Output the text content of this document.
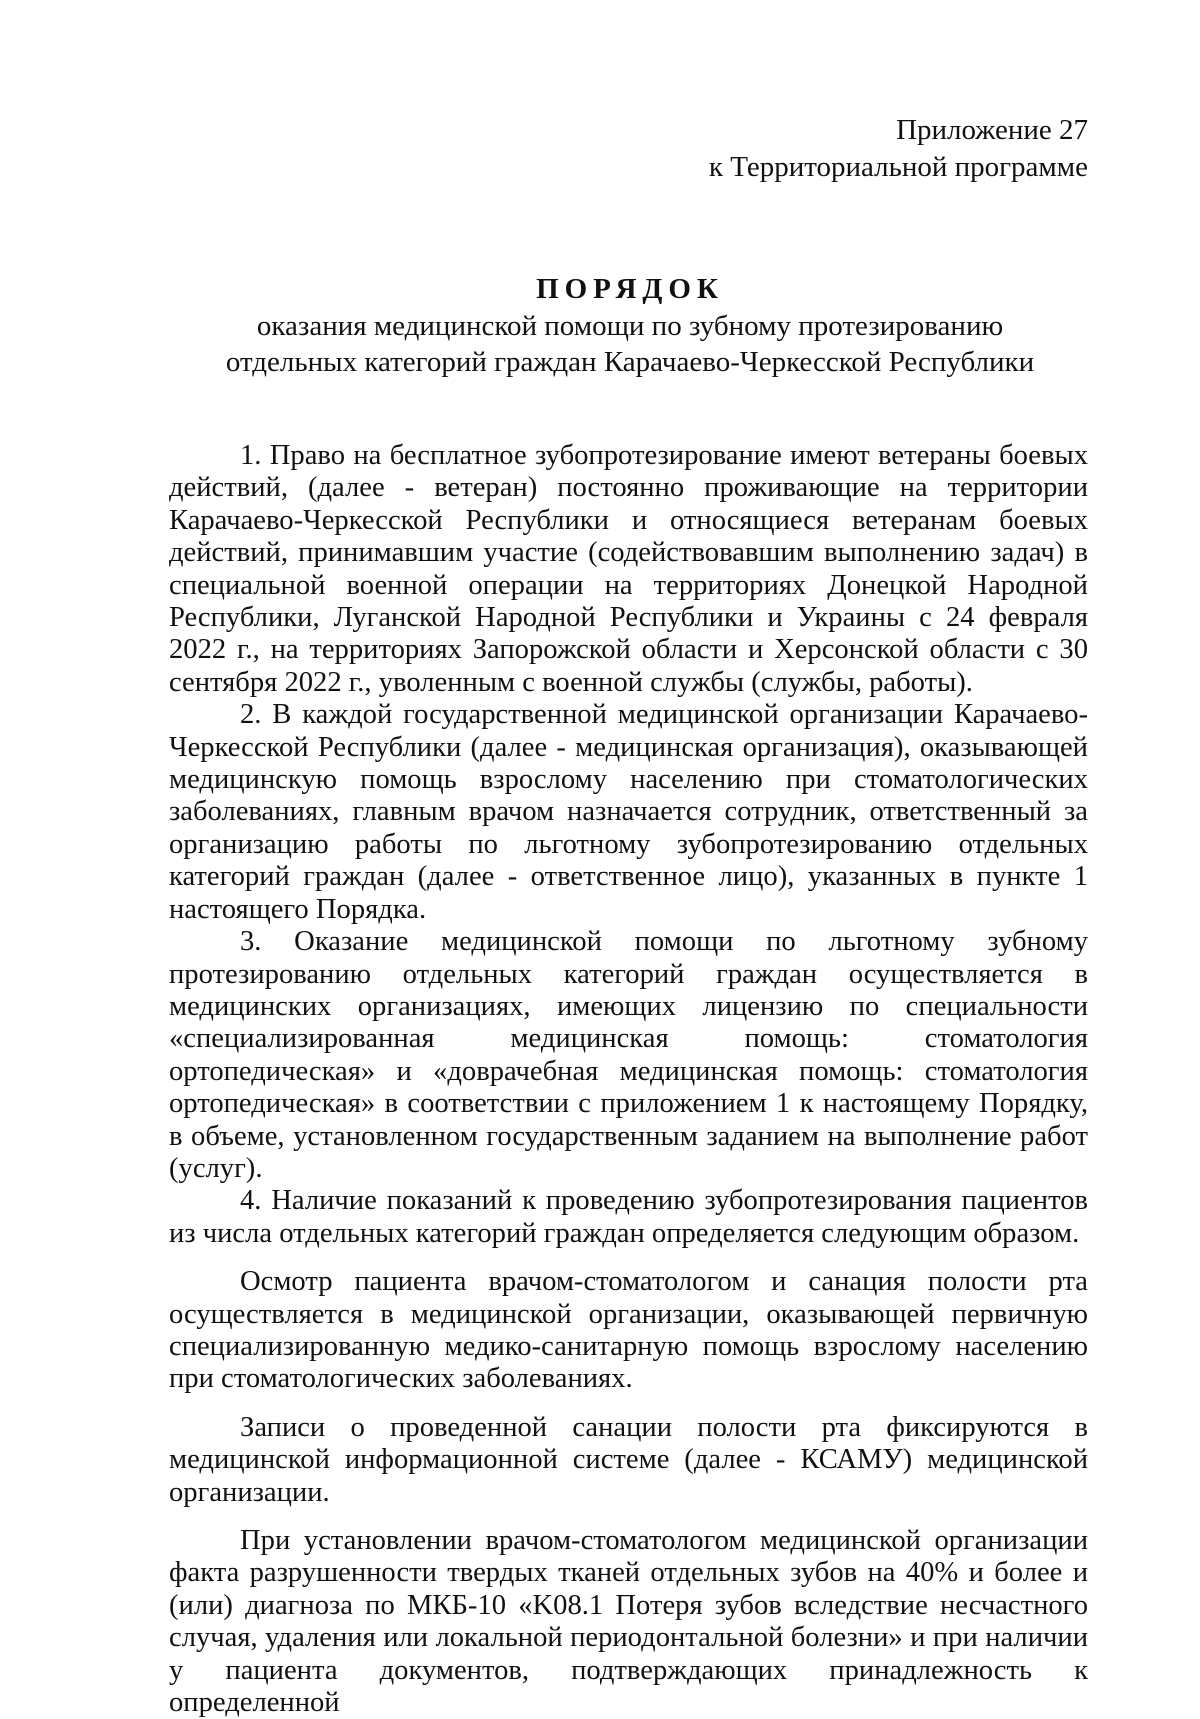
Приложение 27
к Территориальной программе
ПОРЯДОК
оказания медицинской помощи по зубному протезированию
отдельных категорий граждан Карачаево-Черкесской Республики

1. Право на бесплатное зубопротезирование имеют ветераны боевых действий, (далее - ветеран) постоянно проживающие на территории Карачаево-Черкесской Республики и относящиеся ветеранам боевых действий, принимавшим участие (содействовавшим выполнению задач) в специальной военной операции на территориях Донецкой Народной Республики, Луганской Народной Республики и Украины с 24 февраля 2022 г., на территориях Запорожской области и Херсонской области с 30 сентября 2022 г., уволенным с военной службы (службы, работы).

2. В каждой государственной медицинской организации Карачаево-Черкесской Республики (далее - медицинская организация), оказывающей медицинскую помощь взрослому населению при стоматологических заболеваниях, главным врачом назначается сотрудник, ответственный за организацию работы по льготному зубопротезированию отдельных категорий граждан (далее - ответственное лицо), указанных в пункте 1 настоящего Порядка.

3. Оказание медицинской помощи по льготному зубному протезированию отдельных категорий граждан осуществляется в медицинских организациях, имеющих лицензию по специальности «специализированная медицинская помощь: стоматология ортопедическая» и «доврачебная медицинская помощь: стоматология ортопедическая» в соответствии с приложением 1 к настоящему Порядку, в объеме, установленном государственным заданием на выполнение работ (услуг).

4. Наличие показаний к проведению зубопротезирования пациентов из числа отдельных категорий граждан определяется следующим образом.

Осмотр пациента врачом-стоматологом и санация полости рта осуществляется в медицинской организации, оказывающей первичную специализированную медико-санитарную помощь взрослому населению при стоматологических заболеваниях.

Записи о проведенной санации полости рта фиксируются в медицинской информационной системе (далее - КСАМУ) медицинской организации.

При установлении врачом-стоматологом медицинской организации факта разрушенности твердых тканей отдельных зубов на 40% и более и (или) диагноза по МКБ-10 «K08.1 Потеря зубов вследствие несчастного случая, удаления или локальной периодонтальной болезни» и при наличии у пациента документов, подтверждающих принадлежность к определенной
